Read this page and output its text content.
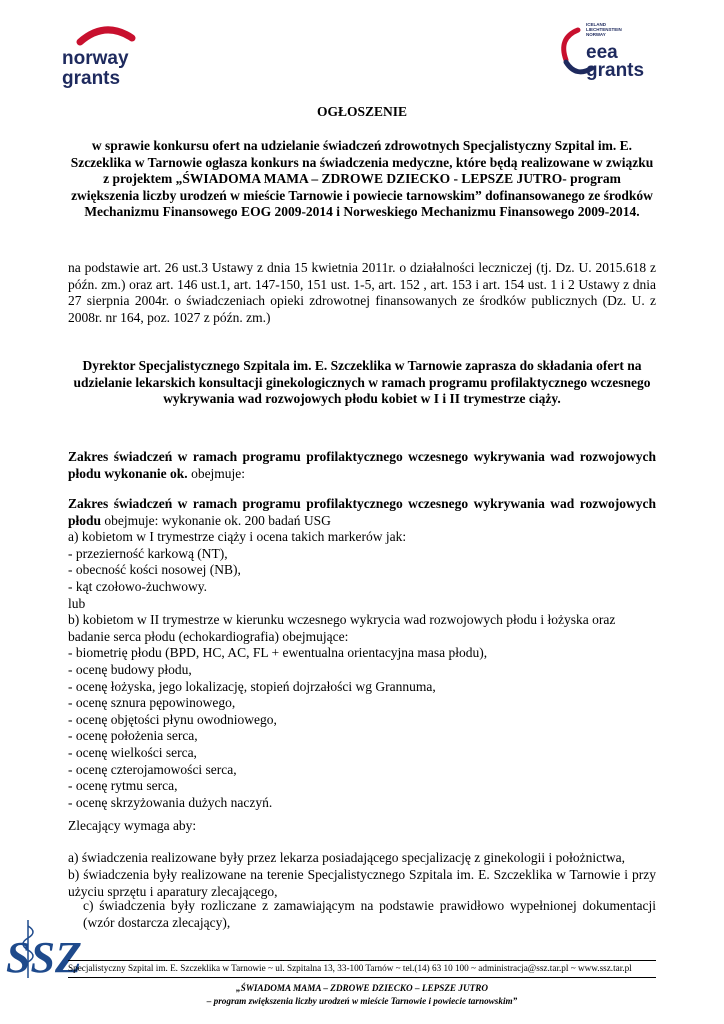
norway
grants
ICELAND
LIECHTENSTEIN
NORWAY
eea
grants
OGŁOSZENIE
w sprawie konkursu ofert na udzielanie świadczeń zdrowotnych Specjalistyczny Szpital im. E. Szczeklika w Tarnowie ogłasza konkurs na świadczenia medyczne, które będą realizowane w związku z projektem „ŚWIADOMA MAMA – ZDROWE DZIECKO - LEPSZE JUTRO- program zwiększenia liczby urodzeń w mieście Tarnowie i powiecie tarnowskim” dofinansowanego ze środków Mechanizmu Finansowego EOG 2009-2014 i Norweskiego Mechanizmu Finansowego 2009-2014.
na podstawie art. 26 ust.3 Ustawy z dnia 15 kwietnia 2011r. o działalności leczniczej (tj. Dz. U. 2015.618 z późn. zm.) oraz art. 146 ust.1, art. 147-150, 151 ust. 1-5, art. 152 , art. 153 i art. 154 ust. 1 i 2 Ustawy z dnia 27 sierpnia 2004r. o świadczeniach opieki zdrowotnej finansowanych ze środków publicznych (Dz. U. z 2008r. nr 164, poz. 1027 z późn. zm.)
Dyrektor Specjalistycznego Szpitala im. E. Szczeklika w Tarnowie zaprasza do składania ofert na udzielanie lekarskich konsultacji ginekologicznych w ramach programu profilaktycznego wczesnego wykrywania wad rozwojowych płodu kobiet w I i II trymestrze ciąży.
Zakres świadczeń w ramach programu profilaktycznego wczesnego wykrywania wad rozwojowych płodu wykonanie ok. obejmuje:
Zakres świadczeń w ramach programu profilaktycznego wczesnego wykrywania wad rozwojowych płodu obejmuje: wykonanie ok. 200 badań USG
a) kobietom w I trymestrze ciąży i ocena takich markerów jak:
- przezierność karkową (NT),
- obecność kości nosowej (NB),
- kąt czołowo-żuchwowy.
lub
b) kobietom w II trymestrze w kierunku wczesnego wykrycia wad rozwojowych płodu i łożyska oraz badanie serca płodu (echokardiografia) obejmujące:
- biometrię płodu (BPD, HC, AC, FL + ewentualna orientacyjna masa płodu),
- ocenę budowy płodu,
- ocenę łożyska, jego lokalizację, stopień dojrzałości wg Grannuma,
- ocenę sznura pępowinowego,
- ocenę objętości płynu owodniowego,
- ocenę położenia serca,
- ocenę wielkości serca,
- ocenę czterojamowości serca,
- ocenę rytmu serca,
- ocenę skrzyżowania dużych naczyń.
Zlecający wymaga aby:
a) świadczenia realizowane były przez lekarza posiadającego specjalizację z ginekologii i położnictwa,
b) świadczenia były realizowane na terenie Specjalistycznego Szpitala im. E. Szczeklika w Tarnowie i przy użyciu sprzętu i aparatury zlecającego,
c) świadczenia były rozliczane z zamawiającym na podstawie prawidłowo wypełnionej dokumentacji (wzór dostarcza zlecający),
SSZ
Specjalistyczny Szpital im. E. Szczeklika w Tarnowie ~ ul. Szpitalna 13, 33-100 Tarnów ~ tel.(14) 63 10 100 ~ administracja@ssz.tar.pl ~ www.ssz.tar.pl
„ŚWIADOMA MAMA – ZDROWE DZIECKO – LEPSZE JUTRO
– program zwiększenia liczby urodzeń w mieście Tarnowie i powiecie tarnowskim”
